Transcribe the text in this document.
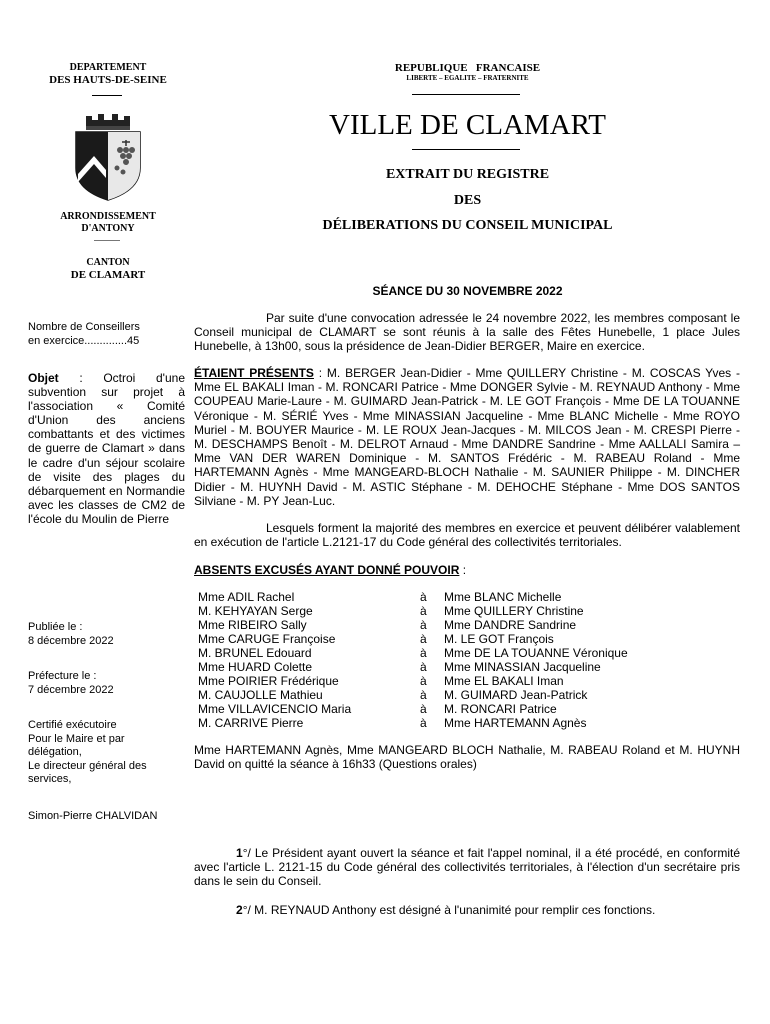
DEPARTEMENT
DES HAUTS-DE-SEINE
ARRONDISSEMENT
D'ANTONY
CANTON
DE CLAMART
REPUBLIQUE   FRANCAISE
LIBERTE – EGALITE – FRATERNITE
VILLE DE CLAMART
EXTRAIT DU REGISTRE
DES
DÉLIBERATIONS DU CONSEIL MUNICIPAL
SÉANCE DU 30 NOVEMBRE 2022
Nombre de Conseillers
en exercice..............45
Objet : Octroi d'une subvention sur projet à l'association « Comité d'Union des anciens combattants et des victimes de guerre de Clamart » dans le cadre d'un séjour scolaire de visite des plages du débarquement en Normandie avec les classes de CM2 de l'école du Moulin de Pierre
Publiée le :
8 décembre 2022
Préfecture le :
7 décembre 2022
Certifié exécutoire
Pour le Maire et par
délégation,
Le directeur général des
services,
Simon-Pierre CHALVIDAN
Par suite d'une convocation adressée le 24 novembre 2022, les membres composant le Conseil municipal de CLAMART se sont réunis à la salle des Fêtes Hunebelle, 1 place Jules Hunebelle, à 13h00, sous la présidence de Jean-Didier BERGER, Maire en exercice.
ÉTAIENT PRÉSENTS : M. BERGER Jean-Didier - Mme QUILLERY Christine - M. COSCAS Yves - Mme EL BAKALI Iman - M. RONCARI Patrice - Mme DONGER Sylvie - M. REYNAUD Anthony - Mme COUPEAU Marie-Laure - M. GUIMARD Jean-Patrick - M. LE GOT François - Mme DE LA TOUANNE Véronique - M. SÉRIÉ Yves - Mme MINASSIAN Jacqueline - Mme BLANC Michelle - Mme ROYO Muriel - M. BOUYER Maurice - M. LE ROUX Jean-Jacques - M. MILCOS Jean - M. CRESPI Pierre - M. DESCHAMPS Benoît - M. DELROT Arnaud - Mme DANDRE Sandrine - Mme AALLALI Samira – Mme VAN DER WAREN Dominique - M. SANTOS Frédéric - M. RABEAU Roland - Mme HARTEMANN Agnès - Mme MANGEARD-BLOCH Nathalie - M. SAUNIER Philippe - M. DINCHER Didier - M. HUYNH David - M. ASTIC Stéphane - M. DEHOCHE Stéphane - Mme DOS SANTOS Silviane - M. PY Jean-Luc.
Lesquels forment la majorité des membres en exercice et peuvent délibérer valablement en exécution de l'article L.2121-17 du Code général des collectivités territoriales.
ABSENTS EXCUSÉS AYANT DONNÉ POUVOIR :
Mme ADIL Rachel	à	Mme BLANC Michelle
M. KEHYAYAN Serge	à	Mme QUILLERY Christine
Mme RIBEIRO Sally	à	Mme DANDRE Sandrine
Mme CARUGE Françoise	à	M. LE GOT François
M. BRUNEL Edouard	à	Mme DE LA TOUANNE Véronique
Mme HUARD Colette	à	Mme MINASSIAN Jacqueline
Mme POIRIER Frédérique	à	Mme EL BAKALI Iman
M. CAUJOLLE Mathieu	à	M. GUIMARD Jean-Patrick
Mme VILLAVICENCIO Maria	à	M. RONCARI Patrice
M. CARRIVE Pierre	à	Mme HARTEMANN Agnès
Mme HARTEMANN Agnès, Mme MANGEARD BLOCH Nathalie, M. RABEAU Roland et M. HUYNH David on quitté la séance à 16h33 (Questions orales)
1°/ Le Président ayant ouvert la séance et fait l'appel nominal, il a été procédé, en conformité avec l'article L. 2121-15 du Code général des collectivités territoriales, à l'élection d'un secrétaire pris dans le sein du Conseil.
2°/ M. REYNAUD Anthony est désigné à l'unanimité pour remplir ces fonctions.
